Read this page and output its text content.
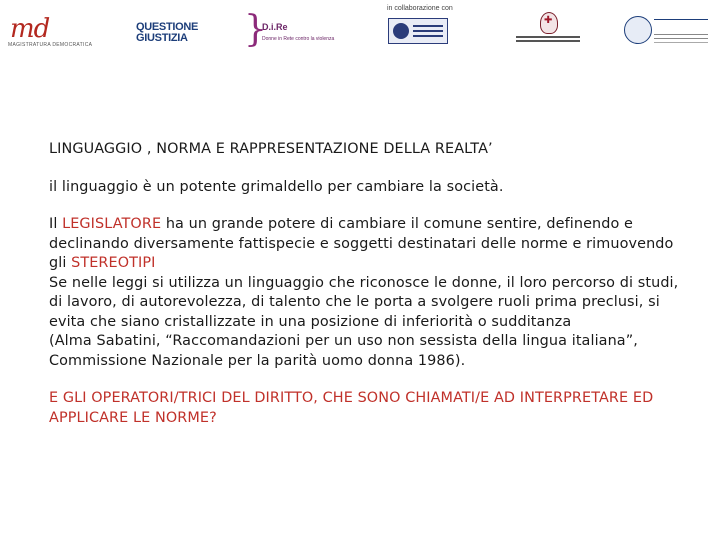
md
MAGISTRATURA DEMOCRATICA
QUESTIONE
GIUSTIZIA	}
D.i.Re
Donne in Rete contro la violenza
in collaborazione con
✚

LINGUAGGIO , NORMA E RAPPRESENTAZIONE DELLA REALTA’

il linguaggio è un potente grimaldello per cambiare la società.

Il LEGISLATORE ha un grande potere di cambiare il comune sentire, definendo e declinando diversamente fattispecie e soggetti destinatari delle norme e rimuovendo gli STEREOTIPI
Se nelle leggi si utilizza un linguaggio che riconosce le donne, il loro percorso di studi, di lavoro, di autorevolezza, di talento che le porta a svolgere ruoli prima preclusi, si evita che siano cristallizzate in una posizione di inferiorità o sudditanza
(Alma Sabatini, “Raccomandazioni per un uso non sessista della lingua italiana”, Commissione Nazionale per la parità uomo donna 1986).

E GLI OPERATORI/TRICI DEL DIRITTO, CHE SONO CHIAMATI/E AD INTERPRETARE ED APPLICARE LE NORME?
